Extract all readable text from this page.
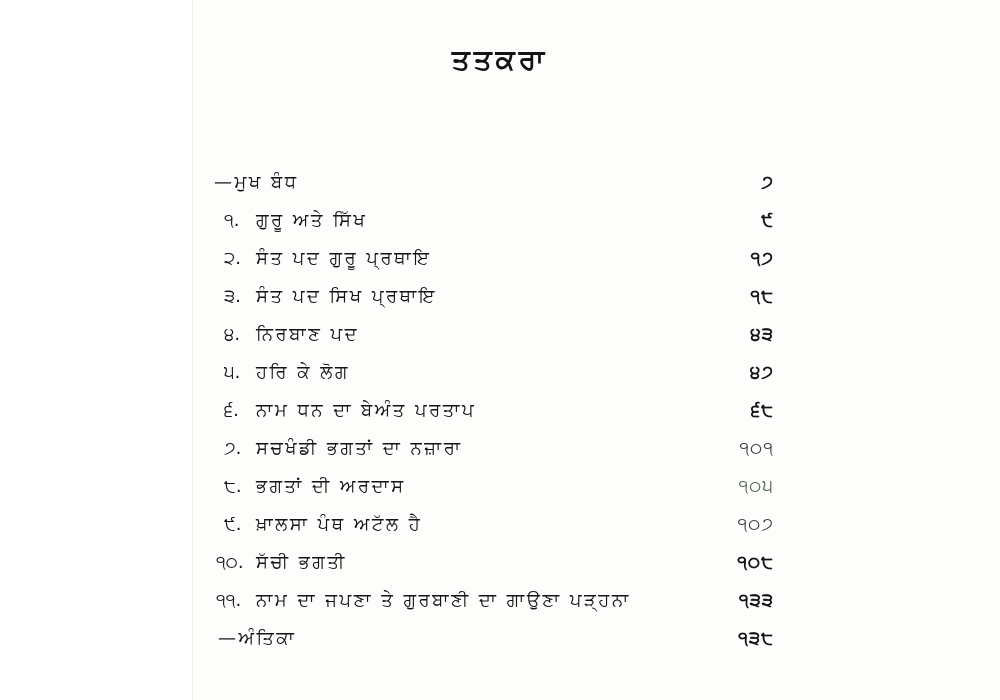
ਤਤਕਰਾ
—ਮੁਖ ਬੰਧ	੭
੧. ਗੁਰੂ ਅਤੇ ਸਿੱਖ	੯
੨. ਸੰਤ ਪਦ ਗੁਰੂ ਪ੍ਰਥਾਇ	੧੭
੩. ਸੰਤ ਪਦ ਸਿਖ ਪ੍ਰਥਾਇ	੧੮
੪. ਨਿਰਬਾਣ ਪਦ	੪੩
੫. ਹਰਿ ਕੇ ਲੋਗ	੪੭
੬. ਨਾਮ ਧਨ ਦਾ ਬੇਅੰਤ ਪਰਤਾਪ	੬੮
੭. ਸਚਖੰਡੀ ਭਗਤਾਂ ਦਾ ਨਜ਼ਾਰਾ	੧੦੧
੮. ਭਗਤਾਂ ਦੀ ਅਰਦਾਸ	੧੦੫
੯. ਖ਼ਾਲਸਾ ਪੰਥ ਅਟੱਲ ਹੈ	੧੦੭
੧੦. ਸੱਚੀ ਭਗਤੀ	੧੦੮
੧੧. ਨਾਮ ਦਾ ਜਪਣਾ ਤੇ ਗੁਰਬਾਣੀ ਦਾ ਗਾਉਣਾ ਪੜ੍ਹਨਾ	੧੩੩
—ਅੰਤਿਕਾ	੧੩੮
